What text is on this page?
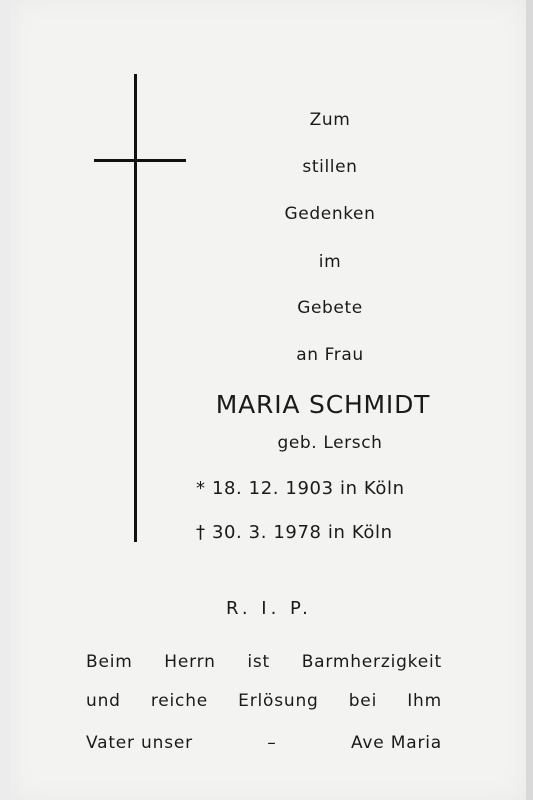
Zum
stillen
Gedenken
im
Gebete
an Frau
MARIA SCHMIDT
geb. Lersch
* 18. 12. 1903 in Köln
† 30. 3. 1978 in Köln
R. I. P.
Beim Herrn ist Barmherzigkeit
und reiche Erlösung bei Ihm
Vater unser	–	Ave Maria
